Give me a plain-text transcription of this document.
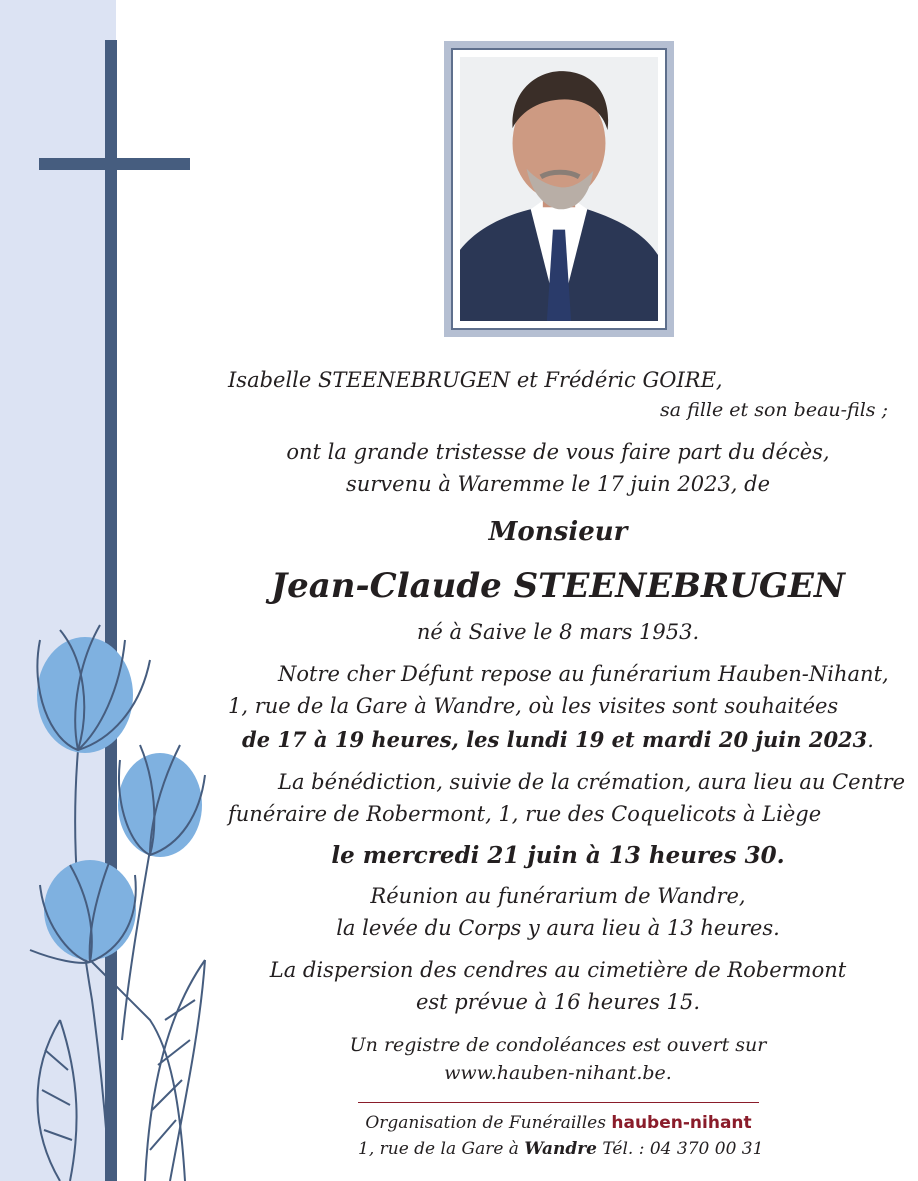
Isabelle STEENEBRUGEN et Frédéric GOIRE,
sa fille et son beau-fils ;
ont la grande tristesse de vous faire part du décès,
survenu à Waremme le 17 juin 2023, de
Monsieur
Jean-Claude STEENEBRUGEN
né à Saive le 8 mars 1953.
Notre cher Défunt repose au funérarium Hauben-Nihant,
1, rue de la Gare à Wandre, où les visites sont souhaitées
de 17 à 19 heures, les lundi 19 et mardi 20 juin 2023.
La bénédiction, suivie de la crémation, aura lieu au Centre
funéraire de Robermont, 1, rue des Coquelicots à Liège
le mercredi 21 juin à 13 heures 30.
Réunion au funérarium de Wandre,
la levée du Corps y aura lieu à 13 heures.
La dispersion des cendres au cimetière de Robermont
est prévue à 16 heures 15.
Un registre de condoléances est ouvert sur
www.hauben-nihant.be.
Organisation de Funérailles hauben-nihant
1, rue de la Gare à Wandre Tél. : 04 370 00 31
